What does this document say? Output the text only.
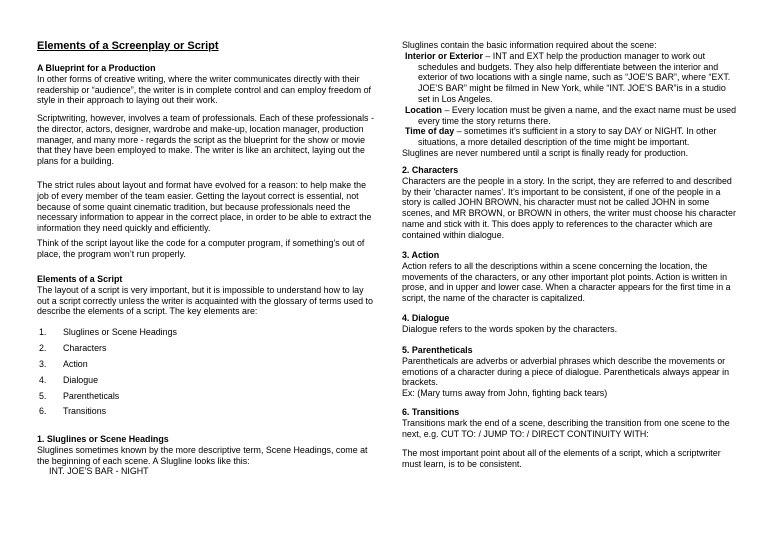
Elements of a Screenplay or Script

A Blueprint for a Production
In other forms of creative writing, where the writer communicates directly with their readership or “audience”, the writer is in complete control and can employ freedom of style in their approach to laying out their work.

Scriptwriting, however, involves a team of professionals. Each of these professionals - the director, actors, designer, wardrobe and make-up, location manager, production manager, and many more - regards the script as the blueprint for the show or movie that they have been employed to make. The writer is like an architect, laying out the plans for a building.

The strict rules about layout and format have evolved for a reason: to help make the job of every member of the team easier. Getting the layout correct is essential, not because of some quaint cinematic tradition, but because professionals need the necessary information to appear in the correct place, in order to be able to extract the information they need quickly and efficiently.

Think of the script layout like the code for a computer program, if something’s out of place, the program won’t run properly.

Elements of a Script
The layout of a script is very important, but it is impossible to understand how to lay out a script correctly unless the writer is acquainted with the glossary of terms used to describe the elements of a script. The key elements are:

1. Sluglines or Scene Headings

2. Characters

3. Action

4. Dialogue

5. Parentheticals

6. Transitions

1. Sluglines or Scene Headings
Sluglines sometimes known by the more descriptive term, Scene Headings, come at the beginning of each scene. A Slugline looks like this:
INT. JOE’S BAR - NIGHT
Sluglines contain the basic information required about the scene:
Interior or Exterior – INT and EXT help the production manager to work out schedules and budgets. They also help differentiate between the interior and exterior of two locations with a single name, such as “JOE’S BAR”, where “EXT. JOE’S BAR” might be filmed in New York, while “INT. JOE’S BAR”is in a studio set in Los Angeles.
Location – Every location must be given a name, and the exact name must be used every time the story returns there.
Time of day – sometimes it’s sufficient in a story to say DAY or NIGHT. In other situations, a more detailed description of the time might be important.
Sluglines are never numbered until a script is finally ready for production.
2. Characters
Characters are the people in a story. In the script, they are referred to and described by their 'character names'. It’s important to be consistent, if one of the people in a story is called JOHN BROWN, his character must not be called JOHN in some scenes, and MR BROWN, or BROWN in others, the writer must choose his character name and stick with it. This does apply to references to the character which are contained within dialogue.
3. Action
Action refers to all the descriptions within a scene concerning the location, the movements of the characters, or any other important plot points. Action is written in prose, and in upper and lower case. When a character appears for the first time in a script, the name of the character is capitalized.
4. Dialogue
Dialogue refers to the words spoken by the characters.
5. Parentheticals
Parentheticals are adverbs or adverbial phrases which describe the movements or emotions of a character during a piece of dialogue. Parentheticals always appear in brackets.
Ex: (Mary turns away from John, fighting back tears)
6. Transitions
Transitions mark the end of a scene, describing the transition from one scene to the next, e.g. CUT TO: / JUMP TO: / DIRECT CONTINUITY WITH:

The most important point about all of the elements of a script, which a scriptwriter must learn, is to be consistent.
